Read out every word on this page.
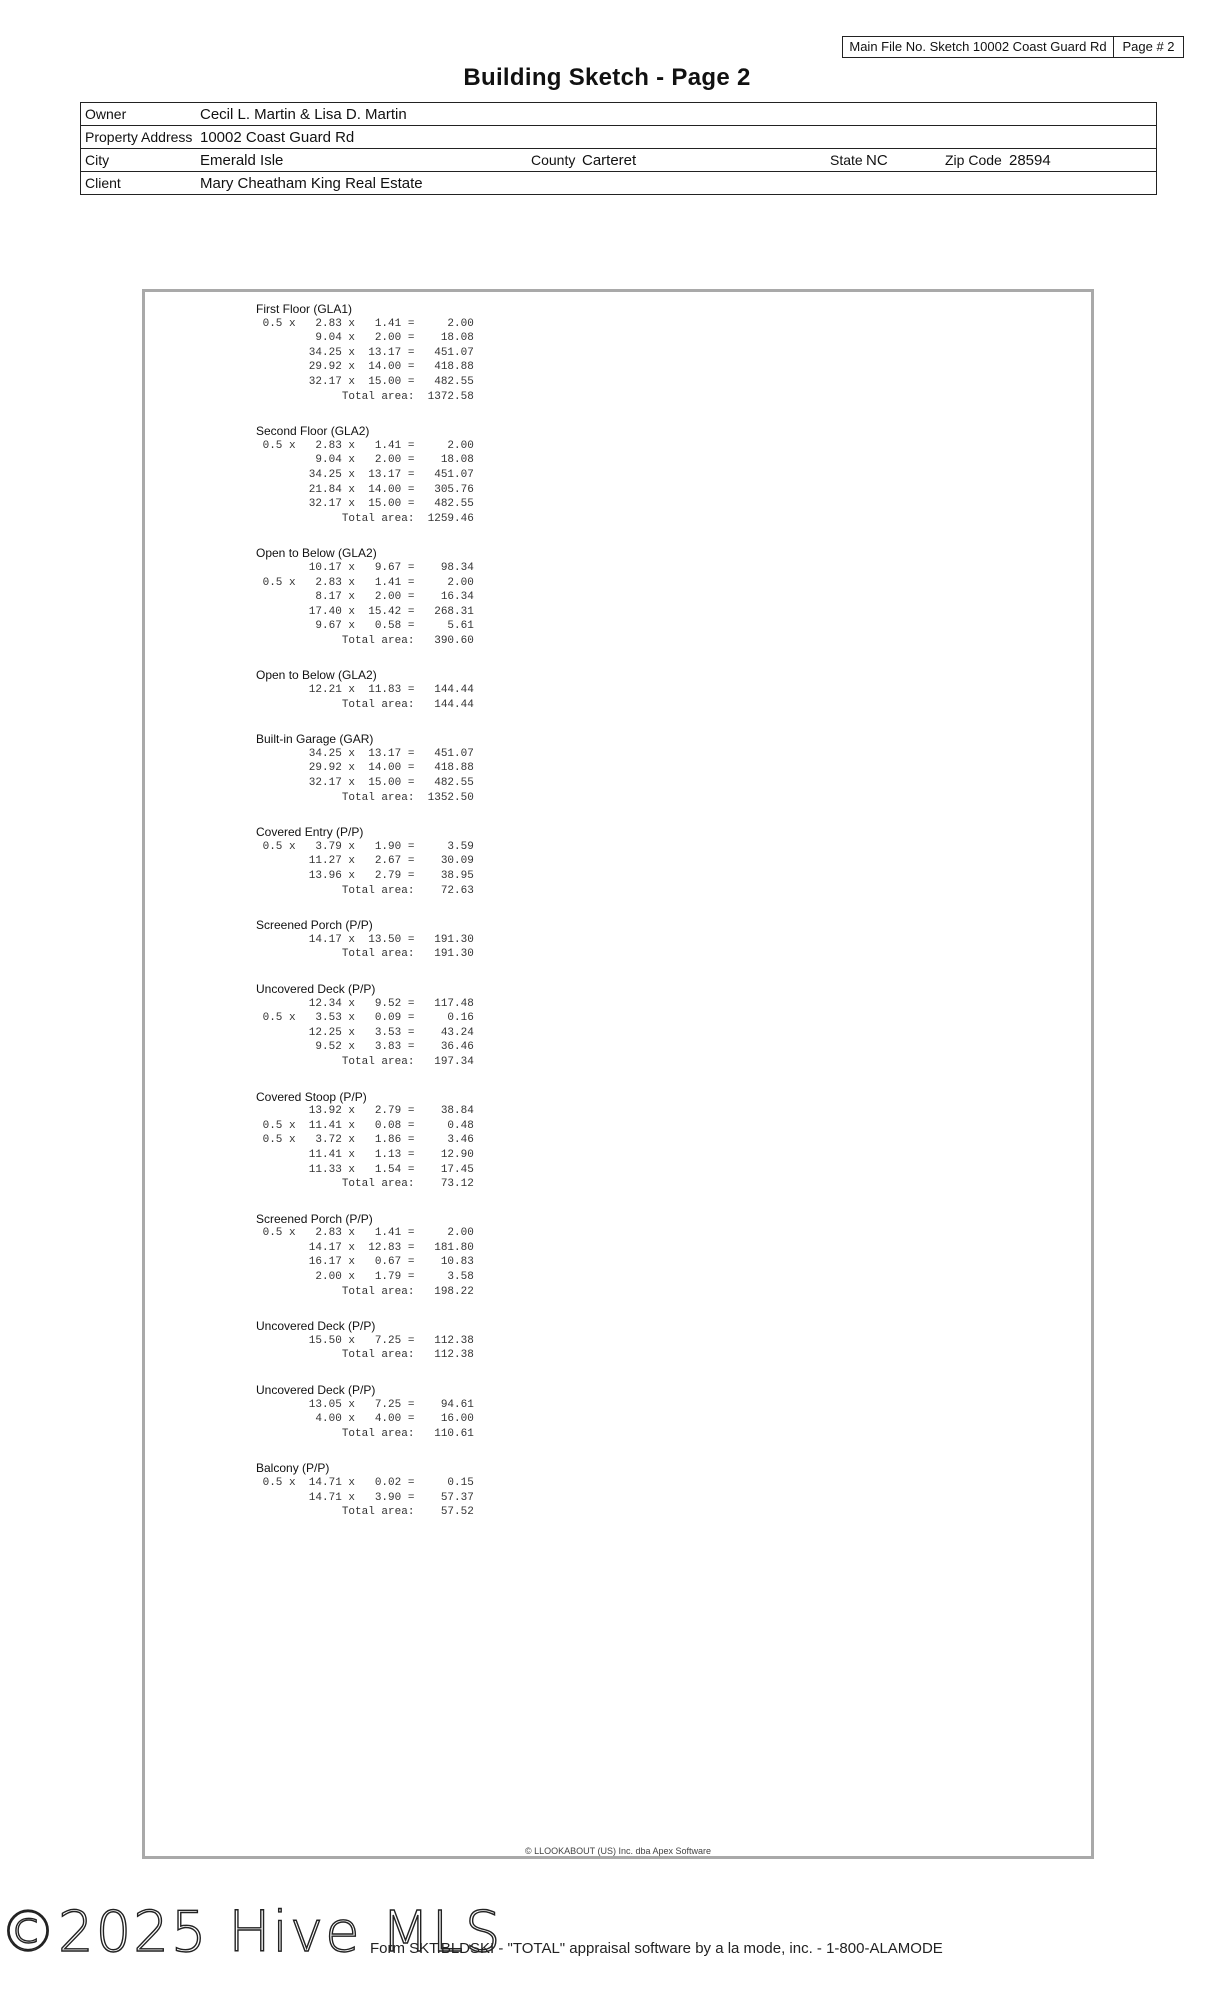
Main File No. Sketch 10002 Coast Guard Rd	Page # 2
Building Sketch - Page 2
Owner	Cecil L. Martin & Lisa D. Martin
Property Address 10002 Coast Guard Rd
City	Emerald Isle	County Carteret	State NC	Zip Code 28594
Client	Mary Cheatham King Real Estate
First Floor (GLA1)
0.5 x   2.83 x   1.41 =     2.00
9.04 x   2.00 =    18.08
34.25 x  13.17 =   451.07
29.92 x  14.00 =   418.88
32.17 x  15.00 =   482.55
Total area:  1372.58
Second Floor (GLA2)
0.5 x   2.83 x   1.41 =     2.00
9.04 x   2.00 =    18.08
34.25 x  13.17 =   451.07
21.84 x  14.00 =   305.76
32.17 x  15.00 =   482.55
Total area:  1259.46
Open to Below (GLA2)
10.17 x   9.67 =    98.34
0.5 x   2.83 x   1.41 =     2.00
8.17 x   2.00 =    16.34
17.40 x  15.42 =   268.31
9.67 x   0.58 =     5.61
Total area:   390.60
Open to Below (GLA2)
12.21 x  11.83 =   144.44
Total area:   144.44
Built-in Garage (GAR)
34.25 x  13.17 =   451.07
29.92 x  14.00 =   418.88
32.17 x  15.00 =   482.55
Total area:  1352.50
Covered Entry (P/P)
0.5 x   3.79 x   1.90 =     3.59
11.27 x   2.67 =    30.09
13.96 x   2.79 =    38.95
Total area:    72.63
Screened Porch (P/P)
14.17 x  13.50 =   191.30
Total area:   191.30
Uncovered Deck (P/P)
12.34 x   9.52 =   117.48
0.5 x   3.53 x   0.09 =     0.16
12.25 x   3.53 =    43.24
9.52 x   3.83 =    36.46
Total area:   197.34
Covered Stoop (P/P)
13.92 x   2.79 =    38.84
0.5 x  11.41 x   0.08 =     0.48
0.5 x   3.72 x   1.86 =     3.46
11.41 x   1.13 =    12.90
11.33 x   1.54 =    17.45
Total area:    73.12
Screened Porch (P/P)
0.5 x   2.83 x   1.41 =     2.00
14.17 x  12.83 =   181.80
16.17 x   0.67 =    10.83
2.00 x   1.79 =     3.58
Total area:   198.22
Uncovered Deck (P/P)
15.50 x   7.25 =   112.38
Total area:   112.38
Uncovered Deck (P/P)
13.05 x   7.25 =    94.61
4.00 x   4.00 =    16.00
Total area:   110.61
Balcony (P/P)
0.5 x  14.71 x   0.02 =     0.15
14.71 x   3.90 =    57.37
Total area:    57.52
© LLOOKABOUT (US) Inc. dba Apex Software
©2025 Hive MLS
Form SKT.BLDSKI - "TOTAL" appraisal software by a la mode, inc. - 1-800-ALAMODE
